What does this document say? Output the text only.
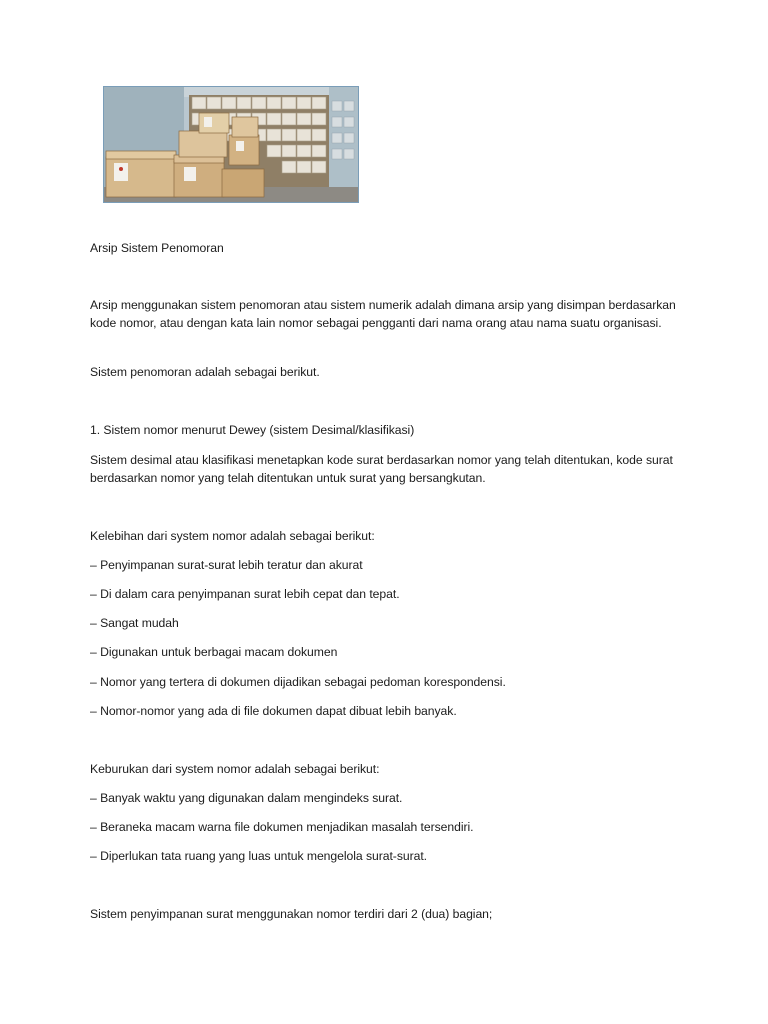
Arsip Sistem Penomoran

Arsip menggunakan sistem penomoran atau sistem numerik adalah dimana arsip yang disimpan berdasarkan kode nomor, atau dengan kata lain nomor sebagai pengganti dari nama orang atau nama suatu organisasi.

Sistem penomoran adalah sebagai berikut.

1. Sistem nomor menurut Dewey (sistem Desimal/klasifikasi)

Sistem desimal atau klasifikasi menetapkan kode surat berdasarkan nomor yang telah ditentukan, kode surat berdasarkan nomor yang telah ditentukan untuk surat yang bersangkutan.

Kelebihan dari system nomor adalah sebagai berikut:

– Penyimpanan surat-surat lebih teratur dan akurat

– Di dalam cara penyimpanan surat lebih cepat dan tepat.

– Sangat mudah

– Digunakan untuk berbagai macam dokumen

– Nomor yang tertera di dokumen dijadikan sebagai pedoman korespondensi.

– Nomor-nomor yang ada di file dokumen dapat dibuat lebih banyak.

Keburukan dari system nomor adalah sebagai berikut:

– Banyak waktu yang digunakan dalam mengindeks surat.

– Beraneka macam warna file dokumen menjadikan masalah tersendiri.

– Diperlukan tata ruang yang luas untuk mengelola surat-surat.

Sistem penyimpanan surat menggunakan nomor terdiri dari 2 (dua) bagian;
